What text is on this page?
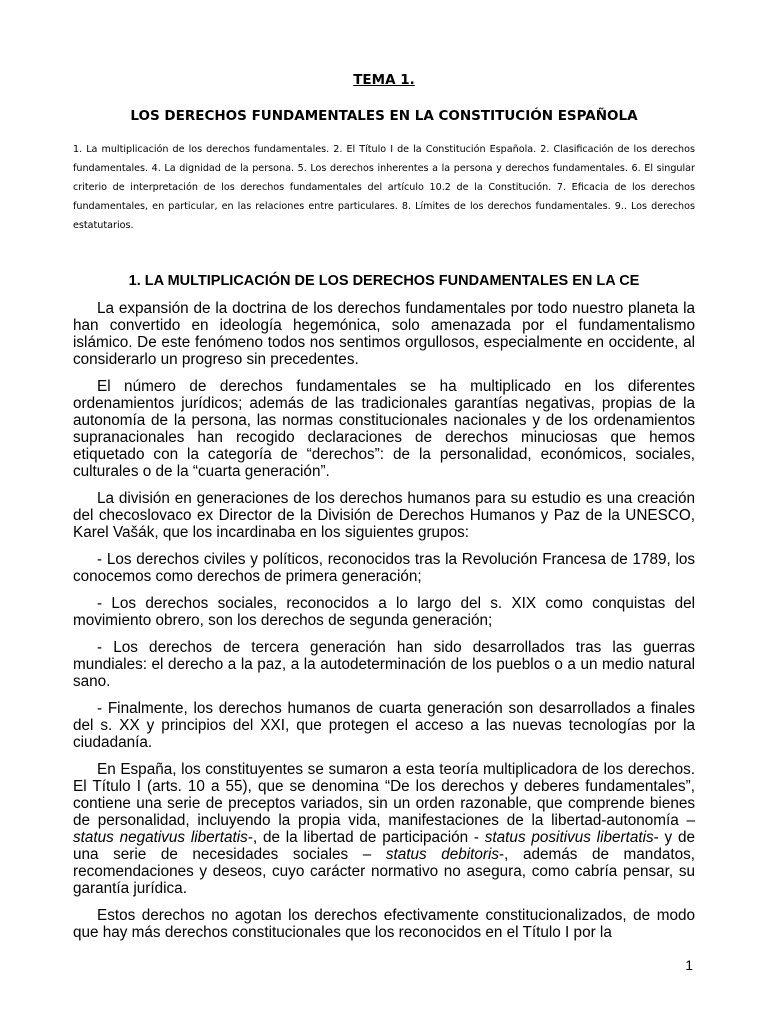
TEMA 1.
LOS DERECHOS FUNDAMENTALES EN LA CONSTITUCIÓN ESPAÑOLA
1. La multiplicación de los derechos fundamentales. 2. El Título I de la Constitución Española. 2. Clasificación de los derechos fundamentales. 4. La dignidad de la persona. 5. Los derechos inherentes a la persona y derechos fundamentales. 6. El singular criterio de interpretación de los derechos fundamentales del artículo 10.2 de la Constitución. 7. Eficacia de los derechos fundamentales, en particular, en las relaciones entre particulares. 8. Límites de los derechos fundamentales. 9.. Los derechos estatutarios.
1. LA MULTIPLICACIÓN DE LOS DERECHOS FUNDAMENTALES EN LA CE

La expansión de la doctrina de los derechos fundamentales por todo nuestro planeta la han convertido en ideología hegemónica, solo amenazada por el fundamentalismo islámico. De este fenómeno todos nos sentimos orgullosos, especialmente en occidente, al considerarlo un progreso sin precedentes.

El número de derechos fundamentales se ha multiplicado en los diferentes ordenamientos jurídicos; además de las tradicionales garantías negativas, propias de la autonomía de la persona, las normas constitucionales nacionales y de los ordenamientos supranacionales han recogido declaraciones de derechos minuciosas que hemos etiquetado con la categoría de “derechos”: de la personalidad, económicos, sociales, culturales o de la “cuarta generación”.

La división en generaciones de los derechos humanos para su estudio es una creación del checoslovaco ex Director de la División de Derechos Humanos y Paz de la UNESCO, Karel Vašák, que los incardinaba en los siguientes grupos:

- Los derechos civiles y políticos, reconocidos tras la Revolución Francesa de 1789, los conocemos como derechos de primera generación;

- Los derechos sociales, reconocidos a lo largo del s. XIX como conquistas del movimiento obrero, son los derechos de segunda generación;

- Los derechos de tercera generación han sido desarrollados tras las guerras mundiales: el derecho a la paz, a la autodeterminación de los pueblos o a un medio natural sano.

- Finalmente, los derechos humanos de cuarta generación son desarrollados a finales del s. XX y principios del XXI, que protegen el acceso a las nuevas tecnologías por la ciudadanía.

En España, los constituyentes se sumaron a esta teoría multiplicadora de los derechos. El Título I (arts. 10 a 55), que se denomina “De los derechos y deberes fundamentales”, contiene una serie de preceptos variados, sin un orden razonable, que comprende bienes de personalidad, incluyendo la propia vida, manifestaciones de la libertad-autonomía –status negativus libertatis-, de la libertad de participación - status positivus libertatis- y de una serie de necesidades sociales – status debitoris-, además de mandatos, recomendaciones y deseos, cuyo carácter normativo no asegura, como cabría pensar, su garantía jurídica.

Estos derechos no agotan los derechos efectivamente constitucionalizados, de modo que hay más derechos constitucionales que los reconocidos en el Título I por la

1
